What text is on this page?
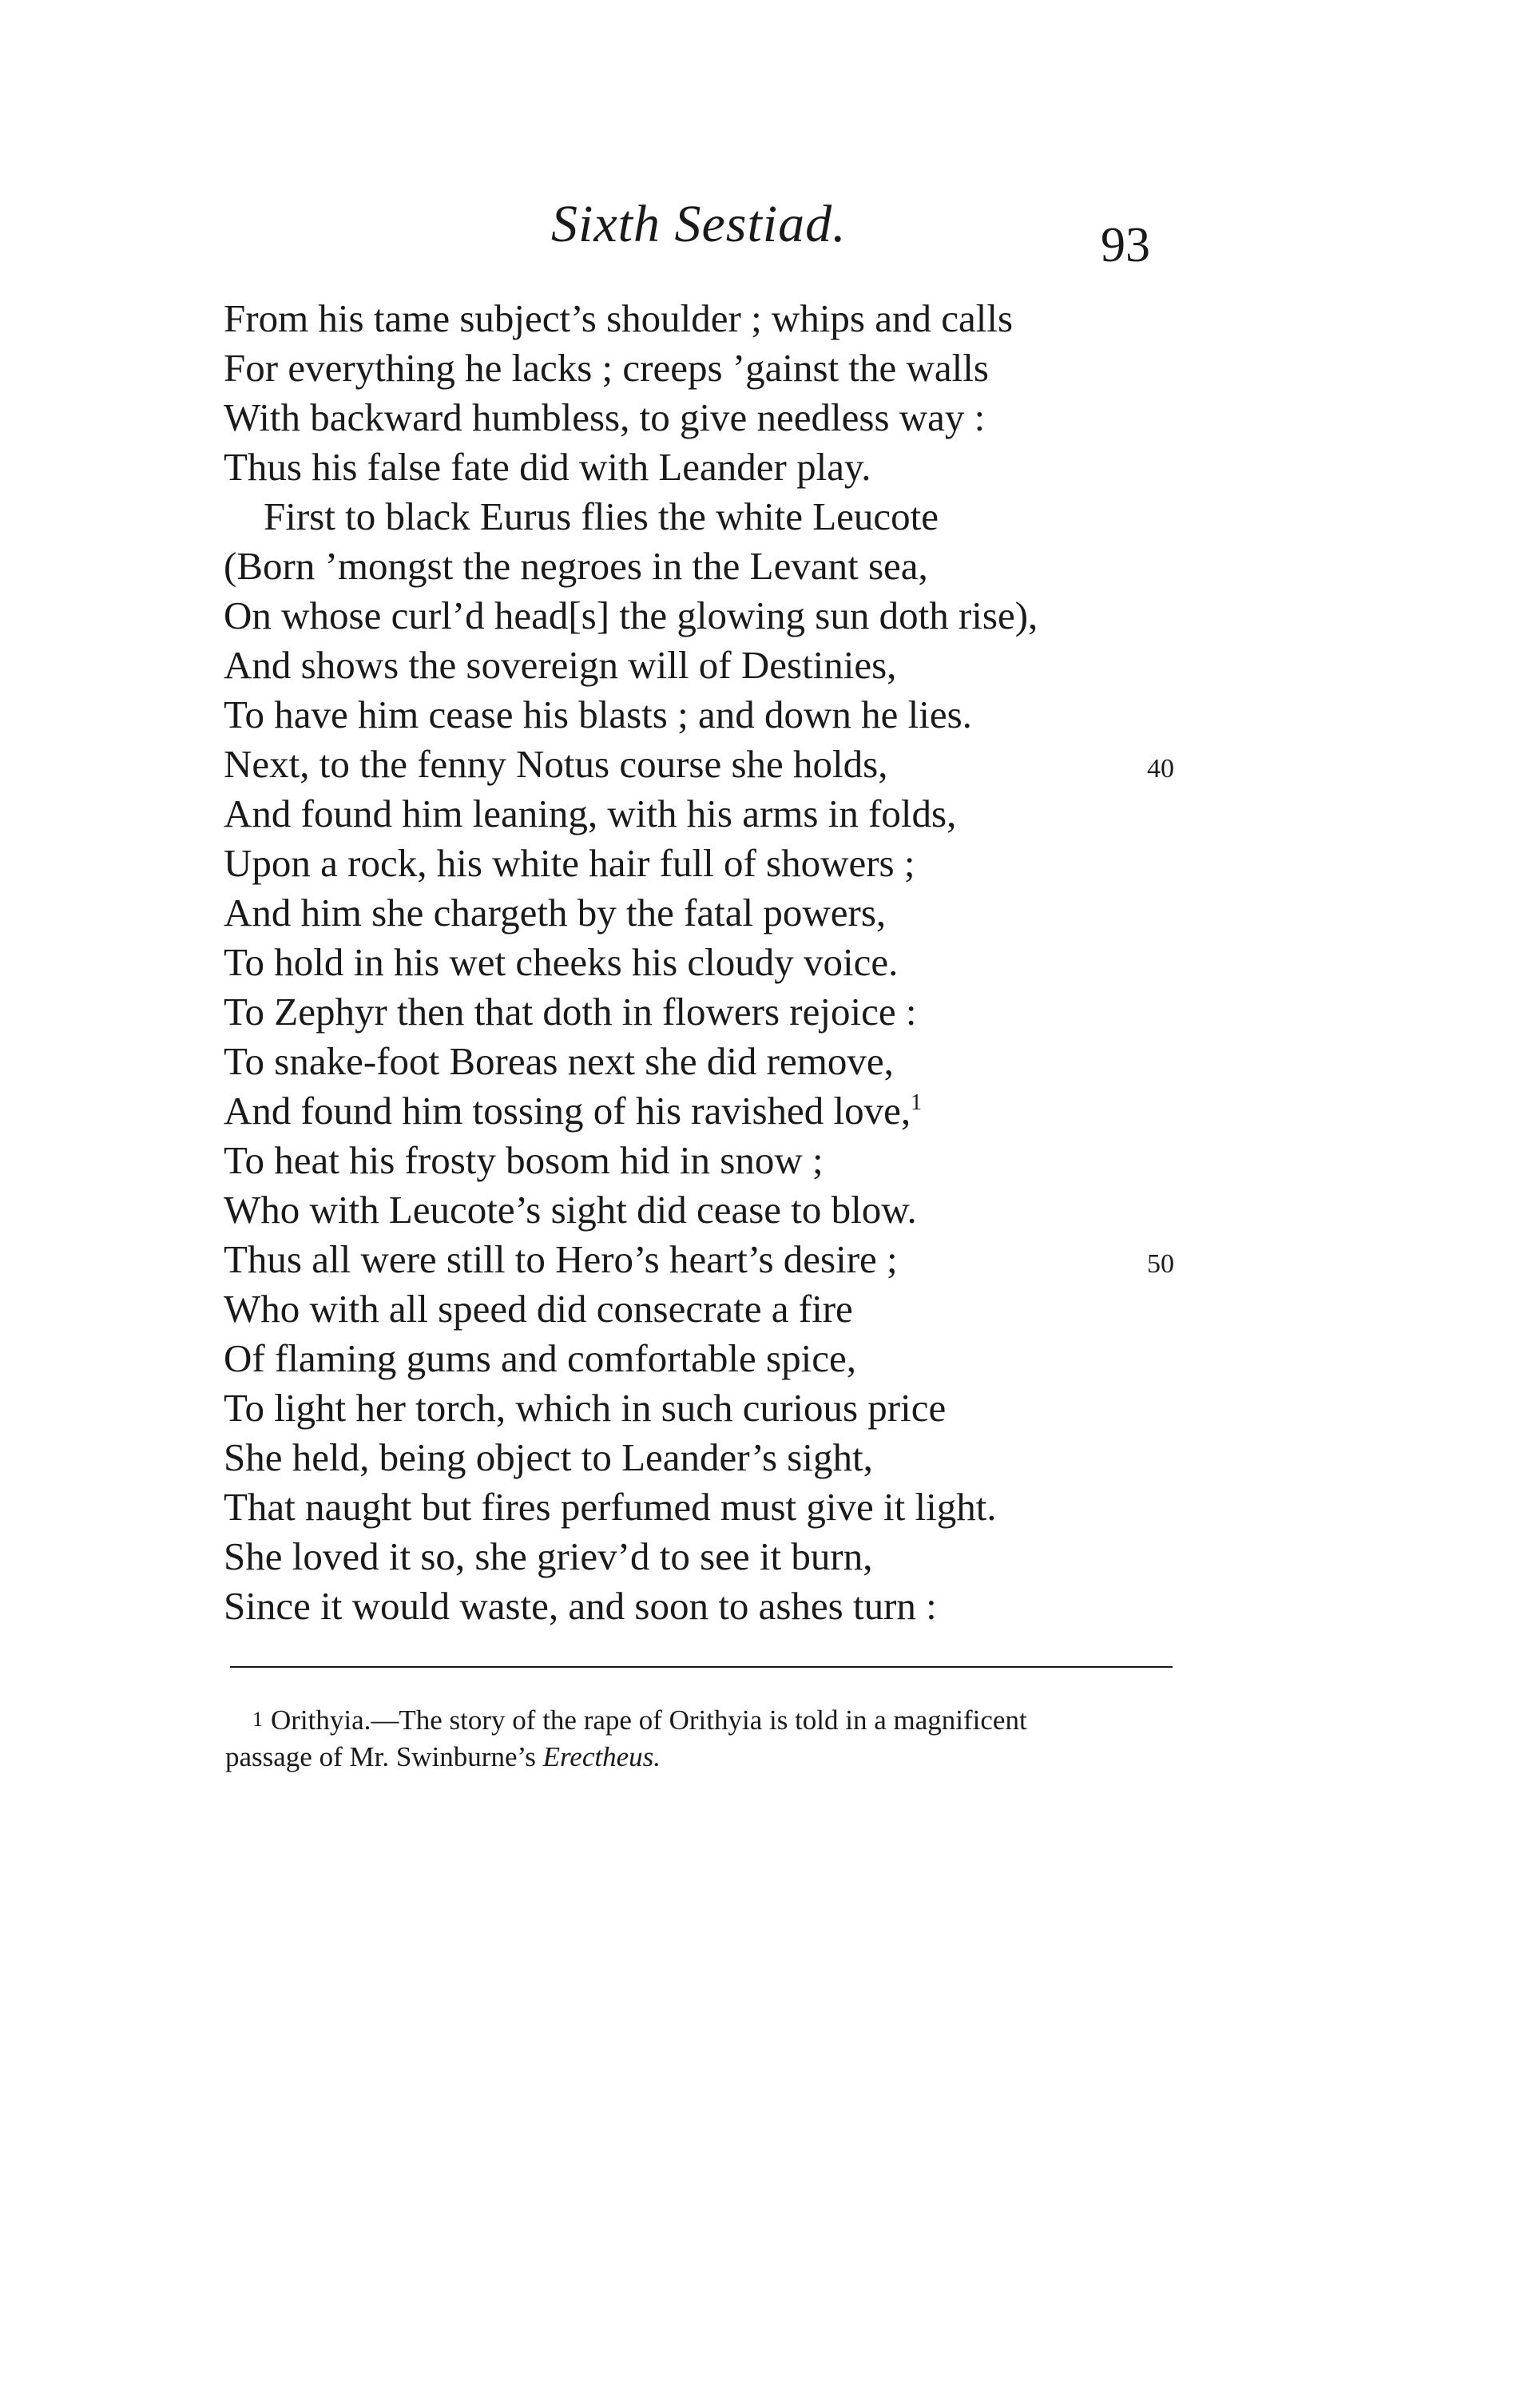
Sixth Sestiad.	93
From his tame subject’s shoulder ; whips and calls
For everything he lacks ; creeps ’gainst the walls
With backward humbless, to give needless way :
Thus his false fate did with Leander play.
First to black Eurus flies the white Leucote
(Born ’mongst the negroes in the Levant sea,
On whose curl’d head[s] the glowing sun doth rise),
And shows the sovereign will of Destinies,
To have him cease his blasts ; and down he lies.
Next, to the fenny Notus course she holds,	40
And found him leaning, with his arms in folds,
Upon a rock, his white hair full of showers ;
And him she chargeth by the fatal powers,
To hold in his wet cheeks his cloudy voice.
To Zephyr then that doth in flowers rejoice :
To snake-foot Boreas next she did remove,
And found him tossing of his ravished love,$^1$
To heat his frosty bosom hid in snow ;
Who with Leucote’s sight did cease to blow.
Thus all were still to Hero’s heart’s desire ;	50
Who with all speed did consecrate a fire
Of flaming gums and comfortable spice,
To light her torch, which in such curious price
She held, being object to Leander’s sight,
That naught but fires perfumed must give it light.
She loved it so, she griev’d to see it burn,
Since it would waste, and soon to ashes turn :
1 Orithyia.—The story of the rape of Orithyia is told in a magnificent
passage of Mr. Swinburne’s Erectheus.
